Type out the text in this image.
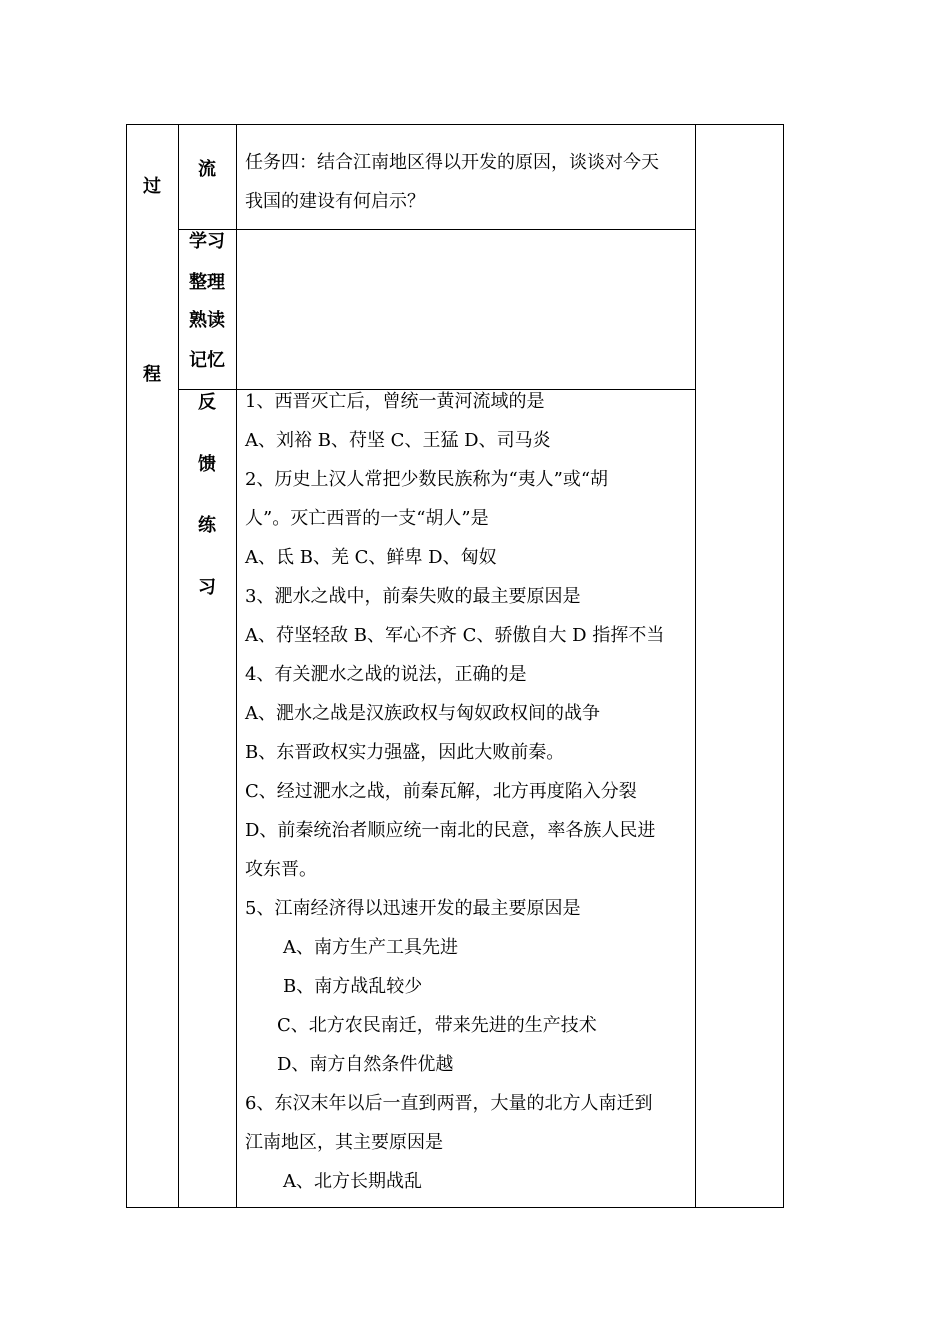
过
程
流
学习
整理
熟读
记忆
反
馈
练
习
任务四：结合江南地区得以开发的原因，谈谈对今天
我国的建设有何启示？
1、西晋灭亡后，曾统一黄河流域的是
A、刘裕 B、苻坚 C、王猛 D、司马炎
2、历史上汉人常把少数民族称为“夷人”或“胡
人”。灭亡西晋的一支“胡人”是
A、氐 B、羌 C、鲜卑 D、匈奴
3、淝水之战中，前秦失败的最主要原因是
A、苻坚轻敌 B、军心不齐 C、骄傲自大 D 指挥不当
4、有关淝水之战的说法，正确的是
A、淝水之战是汉族政权与匈奴政权间的战争
B、东晋政权实力强盛，因此大败前秦。
C、经过淝水之战，前秦瓦解，北方再度陷入分裂
D、前秦统治者顺应统一南北的民意，率各族人民进
攻东晋。
5、江南经济得以迅速开发的最主要原因是
A、南方生产工具先进
B、南方战乱较少
C、北方农民南迁，带来先进的生产技术
D、南方自然条件优越
6、东汉末年以后一直到两晋，大量的北方人南迁到
江南地区，其主要原因是
A、北方长期战乱
